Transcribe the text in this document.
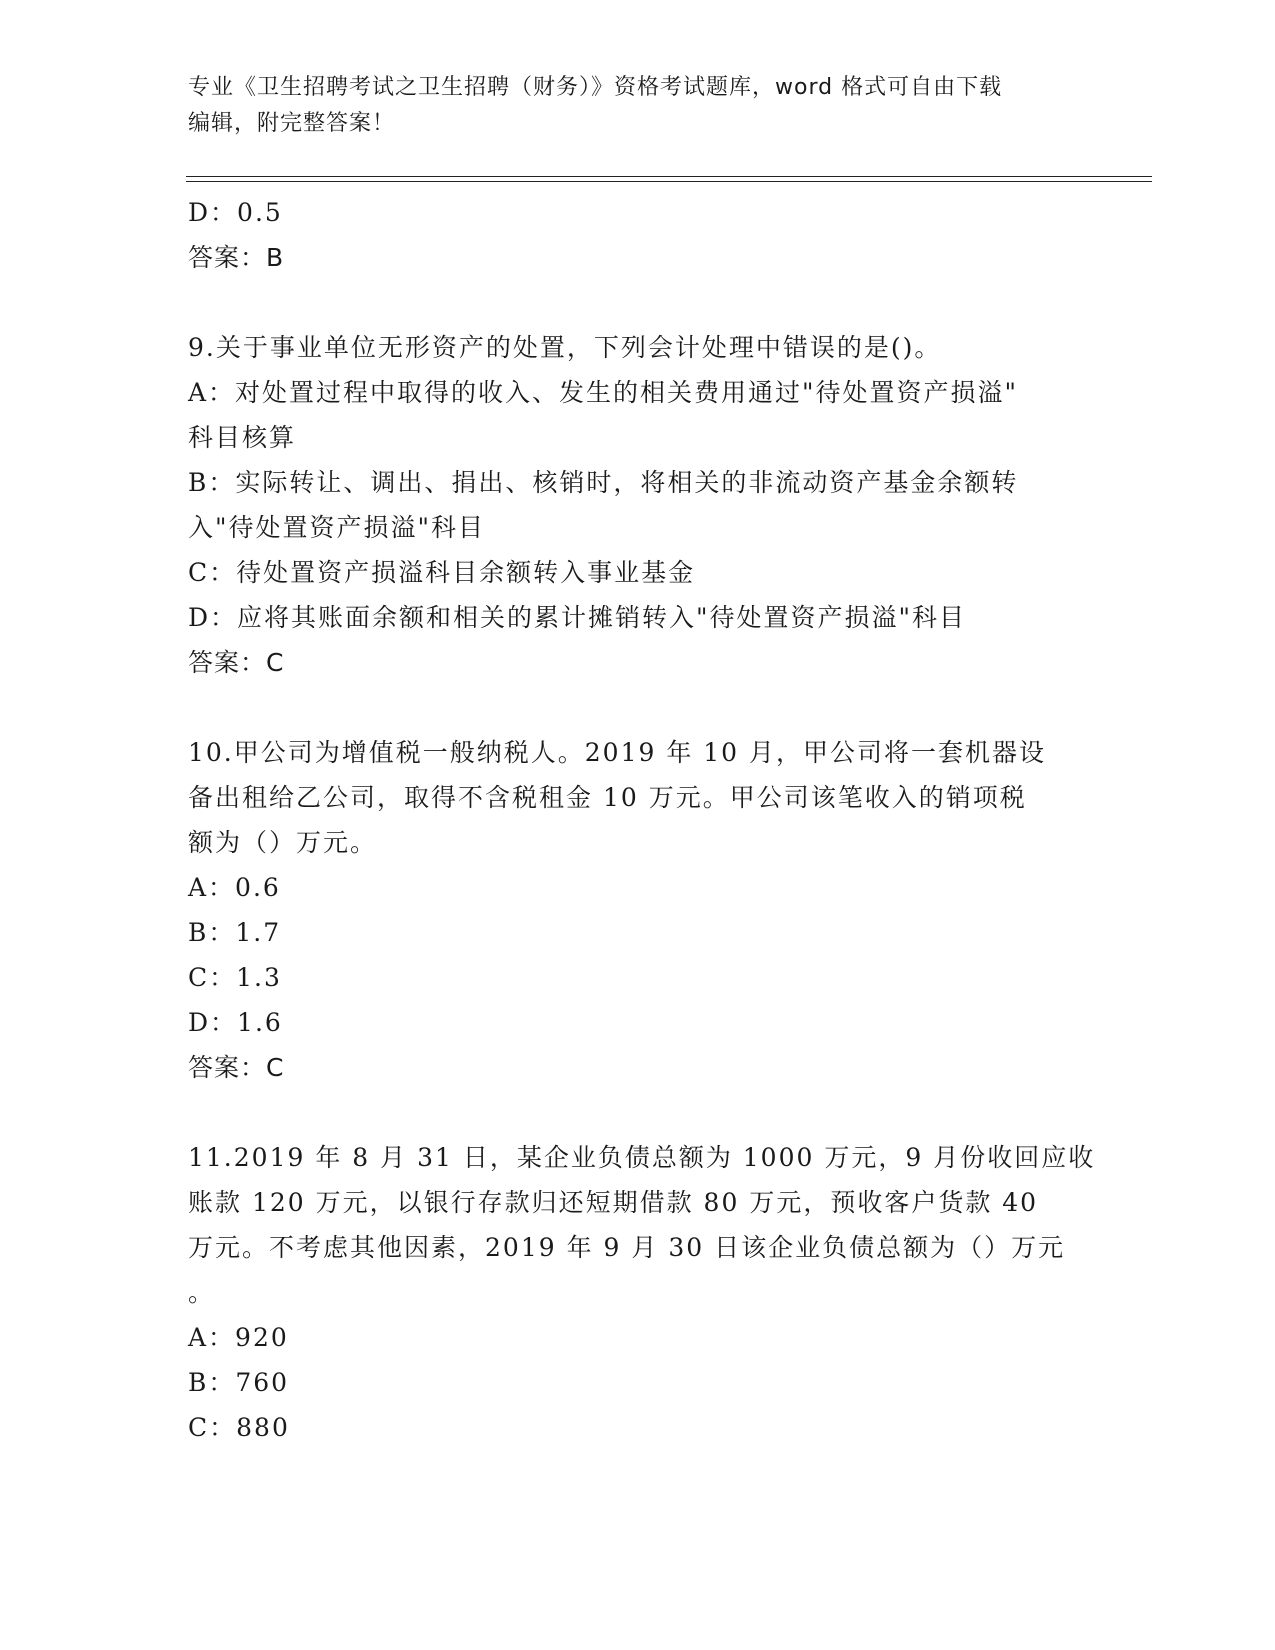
专业《卫生招聘考试之卫生招聘（财务）》资格考试题库，word 格式可自由下载
编辑，附完整答案！

D：0.5

答案：B

9.关于事业单位无形资产的处置，下列会计处理中错误的是()。

A：对处置过程中取得的收入、发生的相关费用通过"待处置资产损溢"

科目核算

B：实际转让、调出、捐出、核销时，将相关的非流动资产基金余额转

入"待处置资产损溢"科目

C：待处置资产损溢科目余额转入事业基金

D：应将其账面余额和相关的累计摊销转入"待处置资产损溢"科目

答案：C

10.甲公司为增值税一般纳税人。2019 年 10 月，甲公司将一套机器设

备出租给乙公司，取得不含税租金 10 万元。甲公司该笔收入的销项税

额为（）万元。

A：0.6

B：1.7

C：1.3

D：1.6

答案：C

11.2019 年 8 月 31 日，某企业负债总额为 1000 万元，9 月份收回应收

账款 120 万元，以银行存款归还短期借款 80 万元，预收客户货款 40

万元。不考虑其他因素，2019 年 9 月 30 日该企业负债总额为（）万元

。

A：920

B：760

C：880
